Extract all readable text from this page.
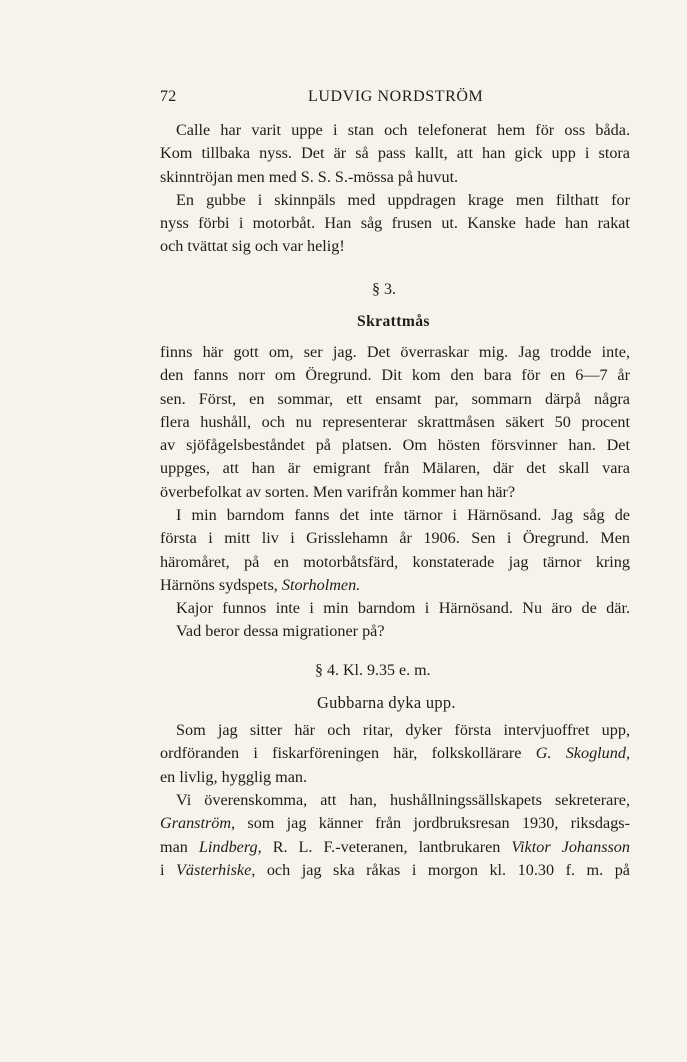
72	LUDVIG NORDSTRÖM
Calle har varit uppe i stan och telefonerat hem för oss båda.
Kom tillbaka nyss. Det är så pass kallt, att han gick upp i stora
skinntröjan men med S. S. S.-mössa på huvut.
En gubbe i skinnpäls med uppdragen krage men filthatt for
nyss förbi i motorbåt. Han såg frusen ut. Kanske hade han rakat
och tvättat sig och var helig!
§ 3.
Skrattmås
finns här gott om, ser jag. Det överraskar mig. Jag trodde inte,
den fanns norr om Öregrund. Dit kom den bara för en 6—7 år
sen. Först, en sommar, ett ensamt par, sommarn därpå några
flera hushåll, och nu representerar skrattmåsen säkert 50 procent
av sjöfågelsbeståndet på platsen. Om hösten försvinner han. Det
uppges, att han är emigrant från Mälaren, där det skall vara
överbefolkat av sorten. Men varifrån kommer han här?
I min barndom fanns det inte tärnor i Härnösand. Jag såg de
första i mitt liv i Grisslehamn år 1906. Sen i Öregrund. Men
häromåret, på en motorbåtsfärd, konstaterade jag tärnor kring
Härnöns sydspets, Storholmen.
Kajor funnos inte i min barndom i Härnösand. Nu äro de där.
Vad beror dessa migrationer på?
§ 4. Kl. 9.35 e. m.
Gubbarna dyka upp.
Som jag sitter här och ritar, dyker första intervjuoffret upp,
ordföranden i fiskarföreningen här, folkskollärare G. Skoglund,
en livlig, hygglig man.
Vi överenskomma, att han, hushållningssällskapets sekreterare,
Granström, som jag känner från jordbruksresan 1930, riksdags-
man Lindberg, R. L. F.-veteranen, lantbrukaren Viktor Johansson
i Västerhiske, och jag ska råkas i morgon kl. 10.30 f. m. på
